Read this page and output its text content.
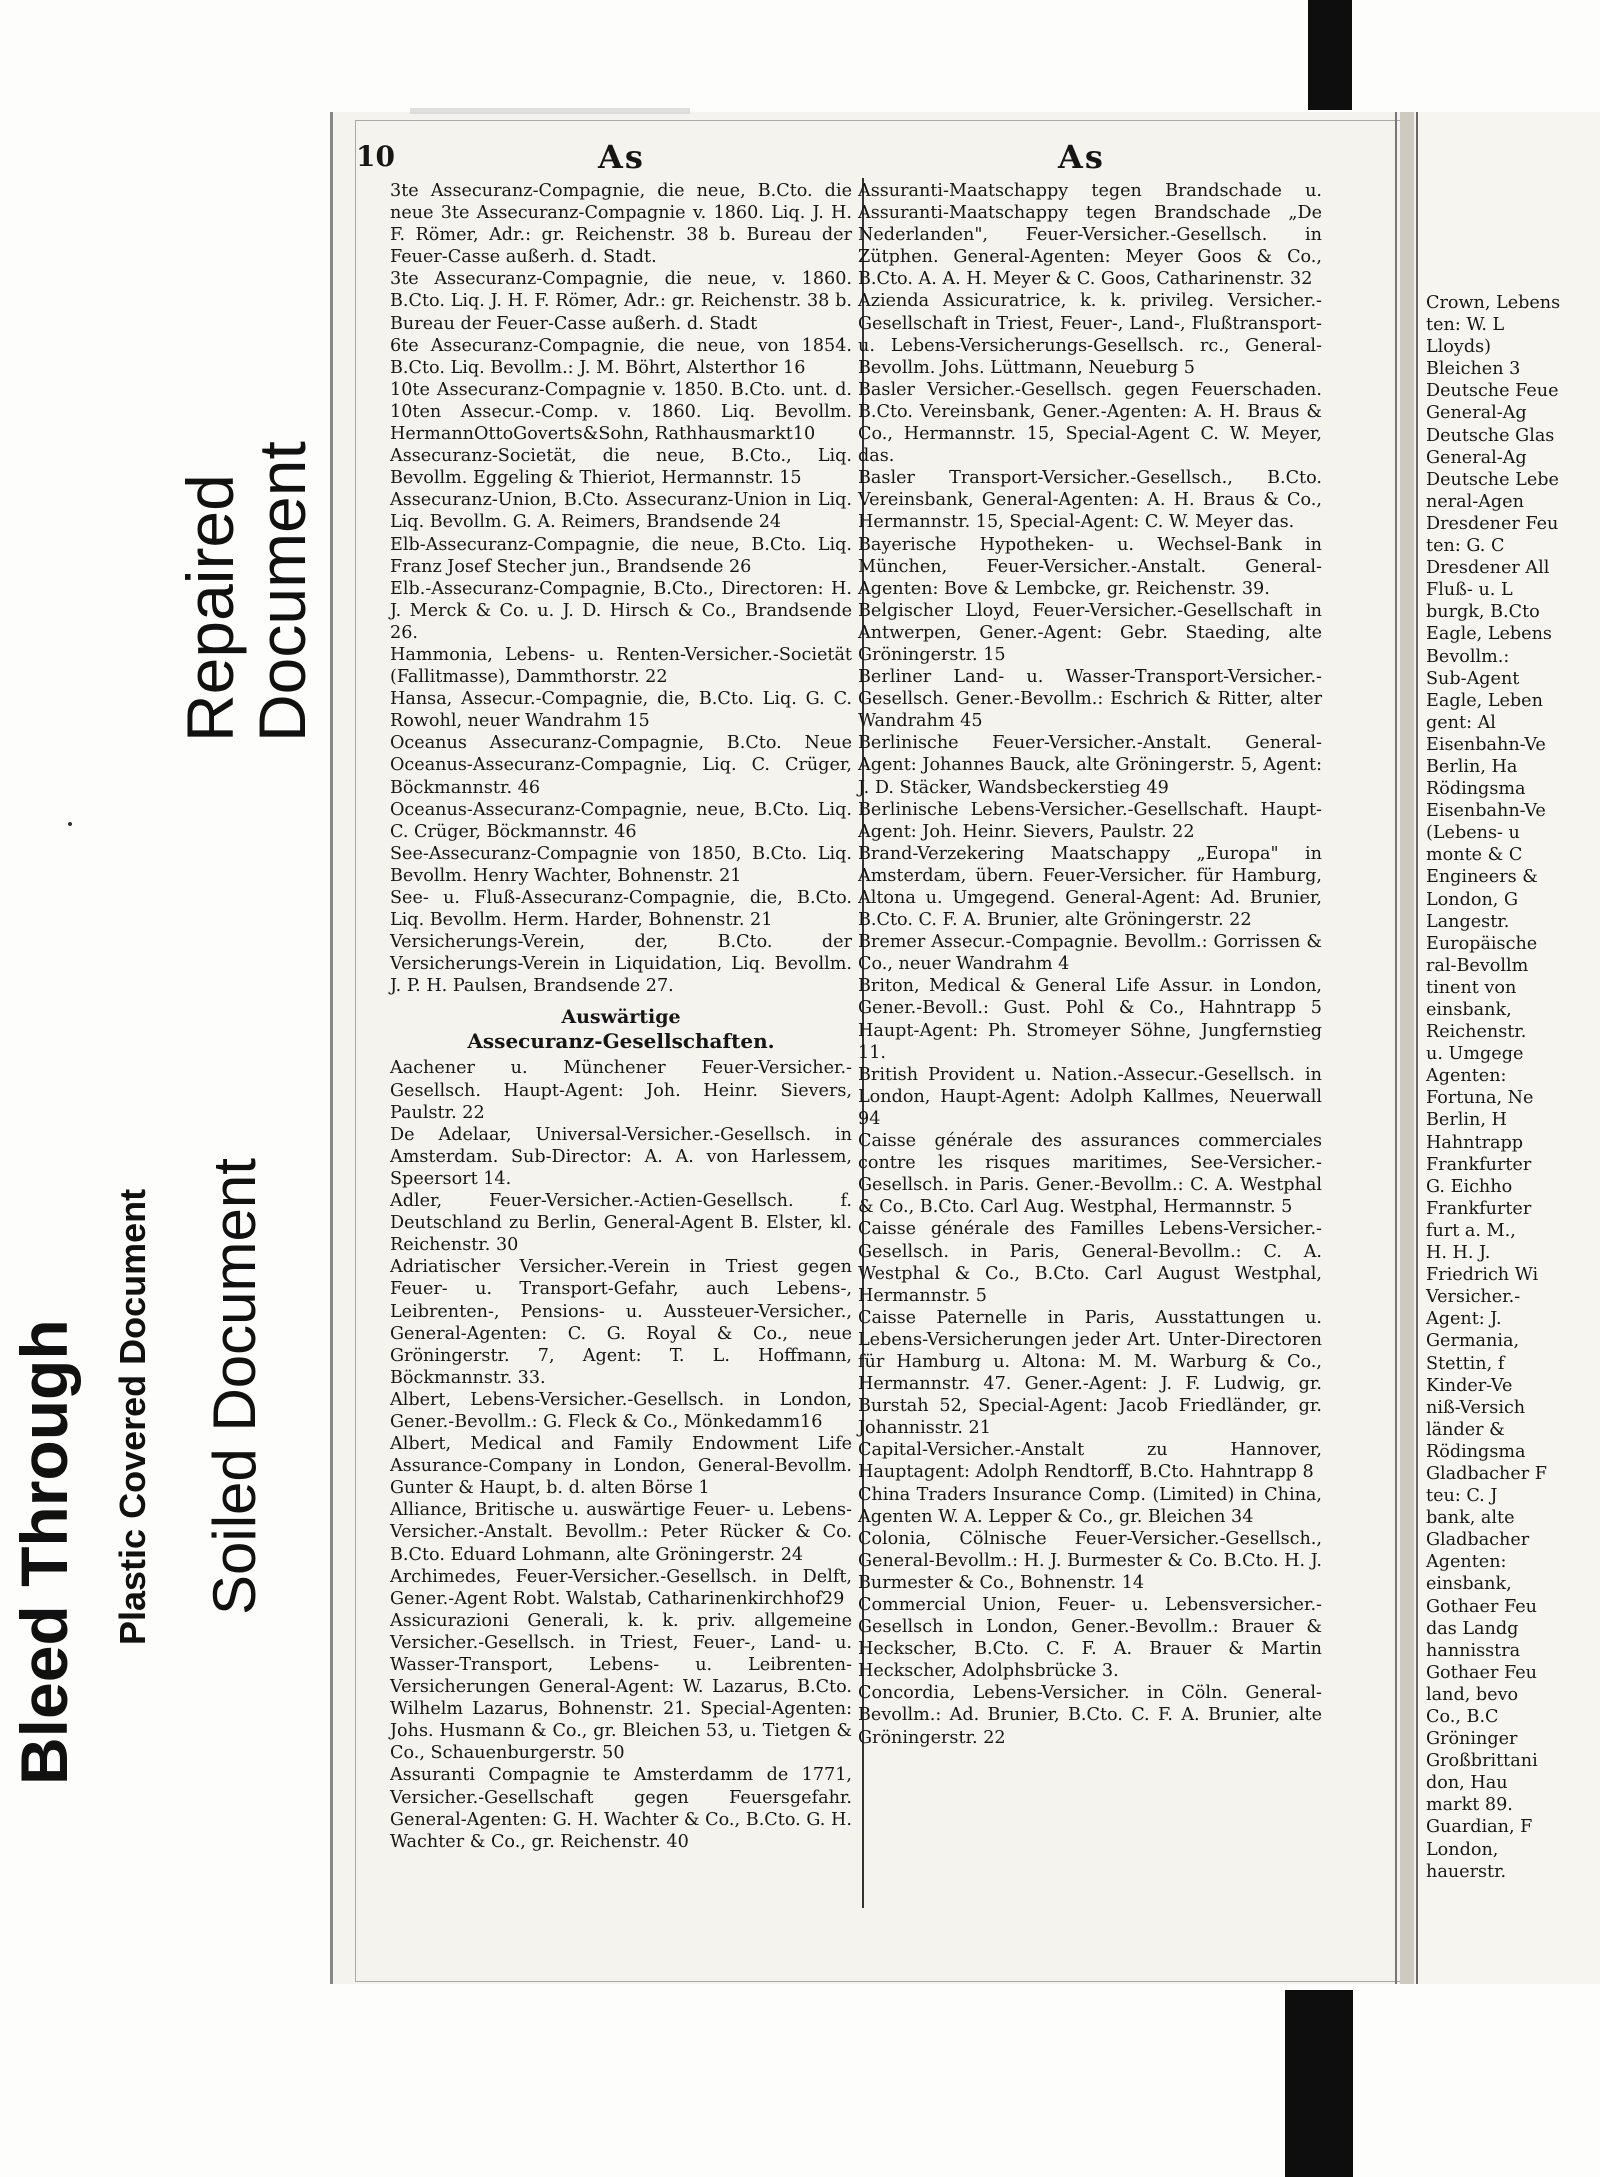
Bleed Through Plastic Covered Document Soiled Document
Repaired
Document
10	As	As

3te Assecuranz-Compagnie, die neue, B.Cto. die neue 3te Assecuranz-Compagnie v. 1860. Liq. J. H. F. Römer, Adr.: gr. Reichenstr. 38 b. Bureau der Feuer-Casse außerh. d. Stadt.

3te Assecuranz-Compagnie, die neue, v. 1860. B.Cto. Liq. J. H. F. Römer, Adr.: gr. Reichenstr. 38 b. Bureau der Feuer-Casse außerh. d. Stadt

6te Assecuranz-Compagnie, die neue, von 1854. B.Cto. Liq. Bevollm.: J. M. Böhrt, Alsterthor 16

10te Assecuranz-Compagnie v. 1850. B.Cto. unt. d. 10ten Assecur.-Comp. v. 1860. Liq. Bevollm. HermannOttoGoverts&Sohn, Rathhausmarkt10

Assecuranz-Societät, die neue, B.Cto., Liq. Bevollm. Eggeling & Thieriot, Hermannstr. 15

Assecuranz-Union, B.Cto. Assecuranz-Union in Liq. Liq. Bevollm. G. A. Reimers, Brandsende 24

Elb-Assecuranz-Compagnie, die neue, B.Cto. Liq. Franz Josef Stecher jun., Brandsende 26

Elb.-Assecuranz-Compagnie, B.Cto., Directoren: H. J. Merck & Co. u. J. D. Hirsch & Co., Brandsende 26.

Hammonia, Lebens- u. Renten-Versicher.-Societät (Fallitmasse), Dammthorstr. 22

Hansa, Assecur.-Compagnie, die, B.Cto. Liq. G. C. Rowohl, neuer Wandrahm 15

Oceanus Assecuranz-Compagnie, B.Cto. Neue Oceanus-Assecuranz-Compagnie, Liq. C. Crüger, Böckmannstr. 46

Oceanus-Assecuranz-Compagnie, neue, B.Cto. Liq. C. Crüger, Böckmannstr. 46

See-Assecuranz-Compagnie von 1850, B.Cto. Liq. Bevollm. Henry Wachter, Bohnenstr. 21

See- u. Fluß-Assecuranz-Compagnie, die, B.Cto. Liq. Bevollm. Herm. Harder, Bohnenstr. 21

Versicherungs-Verein, der, B.Cto. der Versicherungs-Verein in Liquidation, Liq. Bevollm. J. P. H. Paulsen, Brandsende 27.

Auswärtige
Assecuranz-Gesellschaften.

Aachener u. Münchener Feuer-Versicher.-Gesellsch. Haupt-Agent: Joh. Heinr. Sievers, Paulstr. 22

De Adelaar, Universal-Versicher.-Gesellsch. in Amsterdam. Sub-Director: A. A. von Harlessem, Speersort 14.

Adler, Feuer-Versicher.-Actien-Gesellsch. f. Deutschland zu Berlin, General-Agent B. Elster, kl. Reichenstr. 30

Adriatischer Versicher.-Verein in Triest gegen Feuer- u. Transport-Gefahr, auch Lebens-, Leibrenten-, Pensions- u. Aussteuer-Versicher., General-Agenten: C. G. Royal & Co., neue Gröningerstr. 7, Agent: T. L. Hoffmann, Böckmannstr. 33.

Albert, Lebens-Versicher.-Gesellsch. in London, Gener.-Bevollm.: G. Fleck & Co., Mönkedamm16

Albert, Medical and Family Endowment Life Assurance-Company in London, General-Bevollm. Gunter & Haupt, b. d. alten Börse 1

Alliance, Britische u. auswärtige Feuer- u. Lebens-Versicher.-Anstalt. Bevollm.: Peter Rücker & Co. B.Cto. Eduard Lohmann, alte Gröningerstr. 24

Archimedes, Feuer-Versicher.-Gesellsch. in Delft, Gener.-Agent Robt. Walstab, Catharinenkirchhof29

Assicurazioni Generali, k. k. priv. allgemeine Versicher.-Gesellsch. in Triest, Feuer-, Land- u. Wasser-Transport, Lebens- u. Leibrenten-Versicherungen General-Agent: W. Lazarus, B.Cto. Wilhelm Lazarus, Bohnenstr. 21. Special-Agenten: Johs. Husmann & Co., gr. Bleichen 53, u. Tietgen & Co., Schauenburgerstr. 50

Assuranti Compagnie te Amsterdamm de 1771, Versicher.-Gesellschaft gegen Feuersgefahr. General-Agenten: G. H. Wachter & Co., B.Cto. G. H. Wachter & Co., gr. Reichenstr. 40

Assuranti-Maatschappy tegen Brandschade u. Assuranti-Maatschappy tegen Brandschade „De Nederlanden", Feuer-Versicher.-Gesellsch. in Zütphen. General-Agenten: Meyer Goos & Co., B.Cto. A. A. H. Meyer & C. Goos, Catharinenstr. 32

Azienda Assicuratrice, k. k. privileg. Versicher.-Gesellschaft in Triest, Feuer-, Land-, Flußtransport- u. Lebens-Versicherungs-Gesellsch. rc., General-Bevollm. Johs. Lüttmann, Neueburg 5

Basler Versicher.-Gesellsch. gegen Feuerschaden. B.Cto. Vereinsbank, Gener.-Agenten: A. H. Braus & Co., Hermannstr. 15, Special-Agent C. W. Meyer, das.

Basler Transport-Versicher.-Gesellsch., B.Cto. Vereinsbank, General-Agenten: A. H. Braus & Co., Hermannstr. 15, Special-Agent: C. W. Meyer das.

Bayerische Hypotheken- u. Wechsel-Bank in München, Feuer-Versicher.-Anstalt. General-Agenten: Bove & Lembcke, gr. Reichenstr. 39.

Belgischer Lloyd, Feuer-Versicher.-Gesellschaft in Antwerpen, Gener.-Agent: Gebr. Staeding, alte Gröningerstr. 15

Berliner Land- u. Wasser-Transport-Versicher.-Gesellsch. Gener.-Bevollm.: Eschrich & Ritter, alter Wandrahm 45

Berlinische Feuer-Versicher.-Anstalt. General-Agent: Johannes Bauck, alte Gröningerstr. 5, Agent: J. D. Stäcker, Wandsbeckerstieg 49

Berlinische Lebens-Versicher.-Gesellschaft. Haupt-Agent: Joh. Heinr. Sievers, Paulstr. 22

Brand-Verzekering Maatschappy „Europa" in Amsterdam, übern. Feuer-Versicher. für Hamburg, Altona u. Umgegend. General-Agent: Ad. Brunier, B.Cto. C. F. A. Brunier, alte Gröningerstr. 22

Bremer Assecur.-Compagnie. Bevollm.: Gorrissen & Co., neuer Wandrahm 4

Briton, Medical & General Life Assur. in London, Gener.-Bevoll.: Gust. Pohl & Co., Hahntrapp 5 Haupt-Agent: Ph. Stromeyer Söhne, Jungfernstieg 11.

British Provident u. Nation.-Assecur.-Gesellsch. in London, Haupt-Agent: Adolph Kallmes, Neuerwall 94

Caisse générale des assurances commerciales contre les risques maritimes, See-Versicher.-Gesellsch. in Paris. Gener.-Bevollm.: C. A. Westphal & Co., B.Cto. Carl Aug. Westphal, Hermannstr. 5

Caisse générale des Familles Lebens-Versicher.-Gesellsch. in Paris, General-Bevollm.: C. A. Westphal & Co., B.Cto. Carl August Westphal, Hermannstr. 5

Caisse Paternelle in Paris, Ausstattungen u. Lebens-Versicherungen jeder Art. Unter-Directoren für Hamburg u. Altona: M. M. Warburg & Co., Hermannstr. 47. Gener.-Agent: J. F. Ludwig, gr. Burstah 52, Special-Agent: Jacob Friedländer, gr. Johannisstr. 21

Capital-Versicher.-Anstalt zu Hannover, Hauptagent: Adolph Rendtorff, B.Cto. Hahntrapp 8

China Traders Insurance Comp. (Limited) in China, Agenten W. A. Lepper & Co., gr. Bleichen 34

Colonia, Cölnische Feuer-Versicher.-Gesellsch., General-Bevollm.: H. J. Burmester & Co. B.Cto. H. J. Burmester & Co., Bohnenstr. 14

Commercial Union, Feuer- u. Lebensversicher.-Gesellsch in London, Gener.-Bevollm.: Brauer & Heckscher, B.Cto. C. F. A. Brauer & Martin Heckscher, Adolphsbrücke 3.

Concordia, Lebens-Versicher. in Cöln. General-Bevollm.: Ad. Brunier, B.Cto. C. F. A. Brunier, alte Gröningerstr. 22

Crown, Lebens

ten: W. L

Lloyds)

Bleichen 3

Deutsche Feue

General-Ag

Deutsche Glas

General-Ag

Deutsche Lebe

neral-Agen

Dresdener Feu

ten: G. C

Dresdener All

Fluß- u. L

burgk, B.Cto

Eagle, Lebens

Bevollm.:

Sub-Agent

Eagle, Leben

gent: Al

Eisenbahn-Ve

Berlin, Ha

Rödingsma

Eisenbahn-Ve

(Lebens- u

monte & C

Engineers &

London, G

Langestr.

Europäische

ral-Bevollm

tinent von

einsbank,

Reichenstr.

u. Umgege

Agenten:

Fortuna, Ne

Berlin, H

Hahntrapp

Frankfurter

G. Eichho

Frankfurter

furt a. M.,

H. H. J.

Friedrich Wi

Versicher.-

Agent: J.

Germania,

Stettin, f

Kinder-Ve

niß-Versich

länder &

Rödingsma

Gladbacher F

teu: C. J

bank, alte

Gladbacher

Agenten:

einsbank,

Gothaer Feu

das Landg

hannisstra

Gothaer Feu

land, bevo

Co., B.C

Gröninger

Großbrittani

don, Hau

markt 89.

Guardian, F

London,

hauerstr.
